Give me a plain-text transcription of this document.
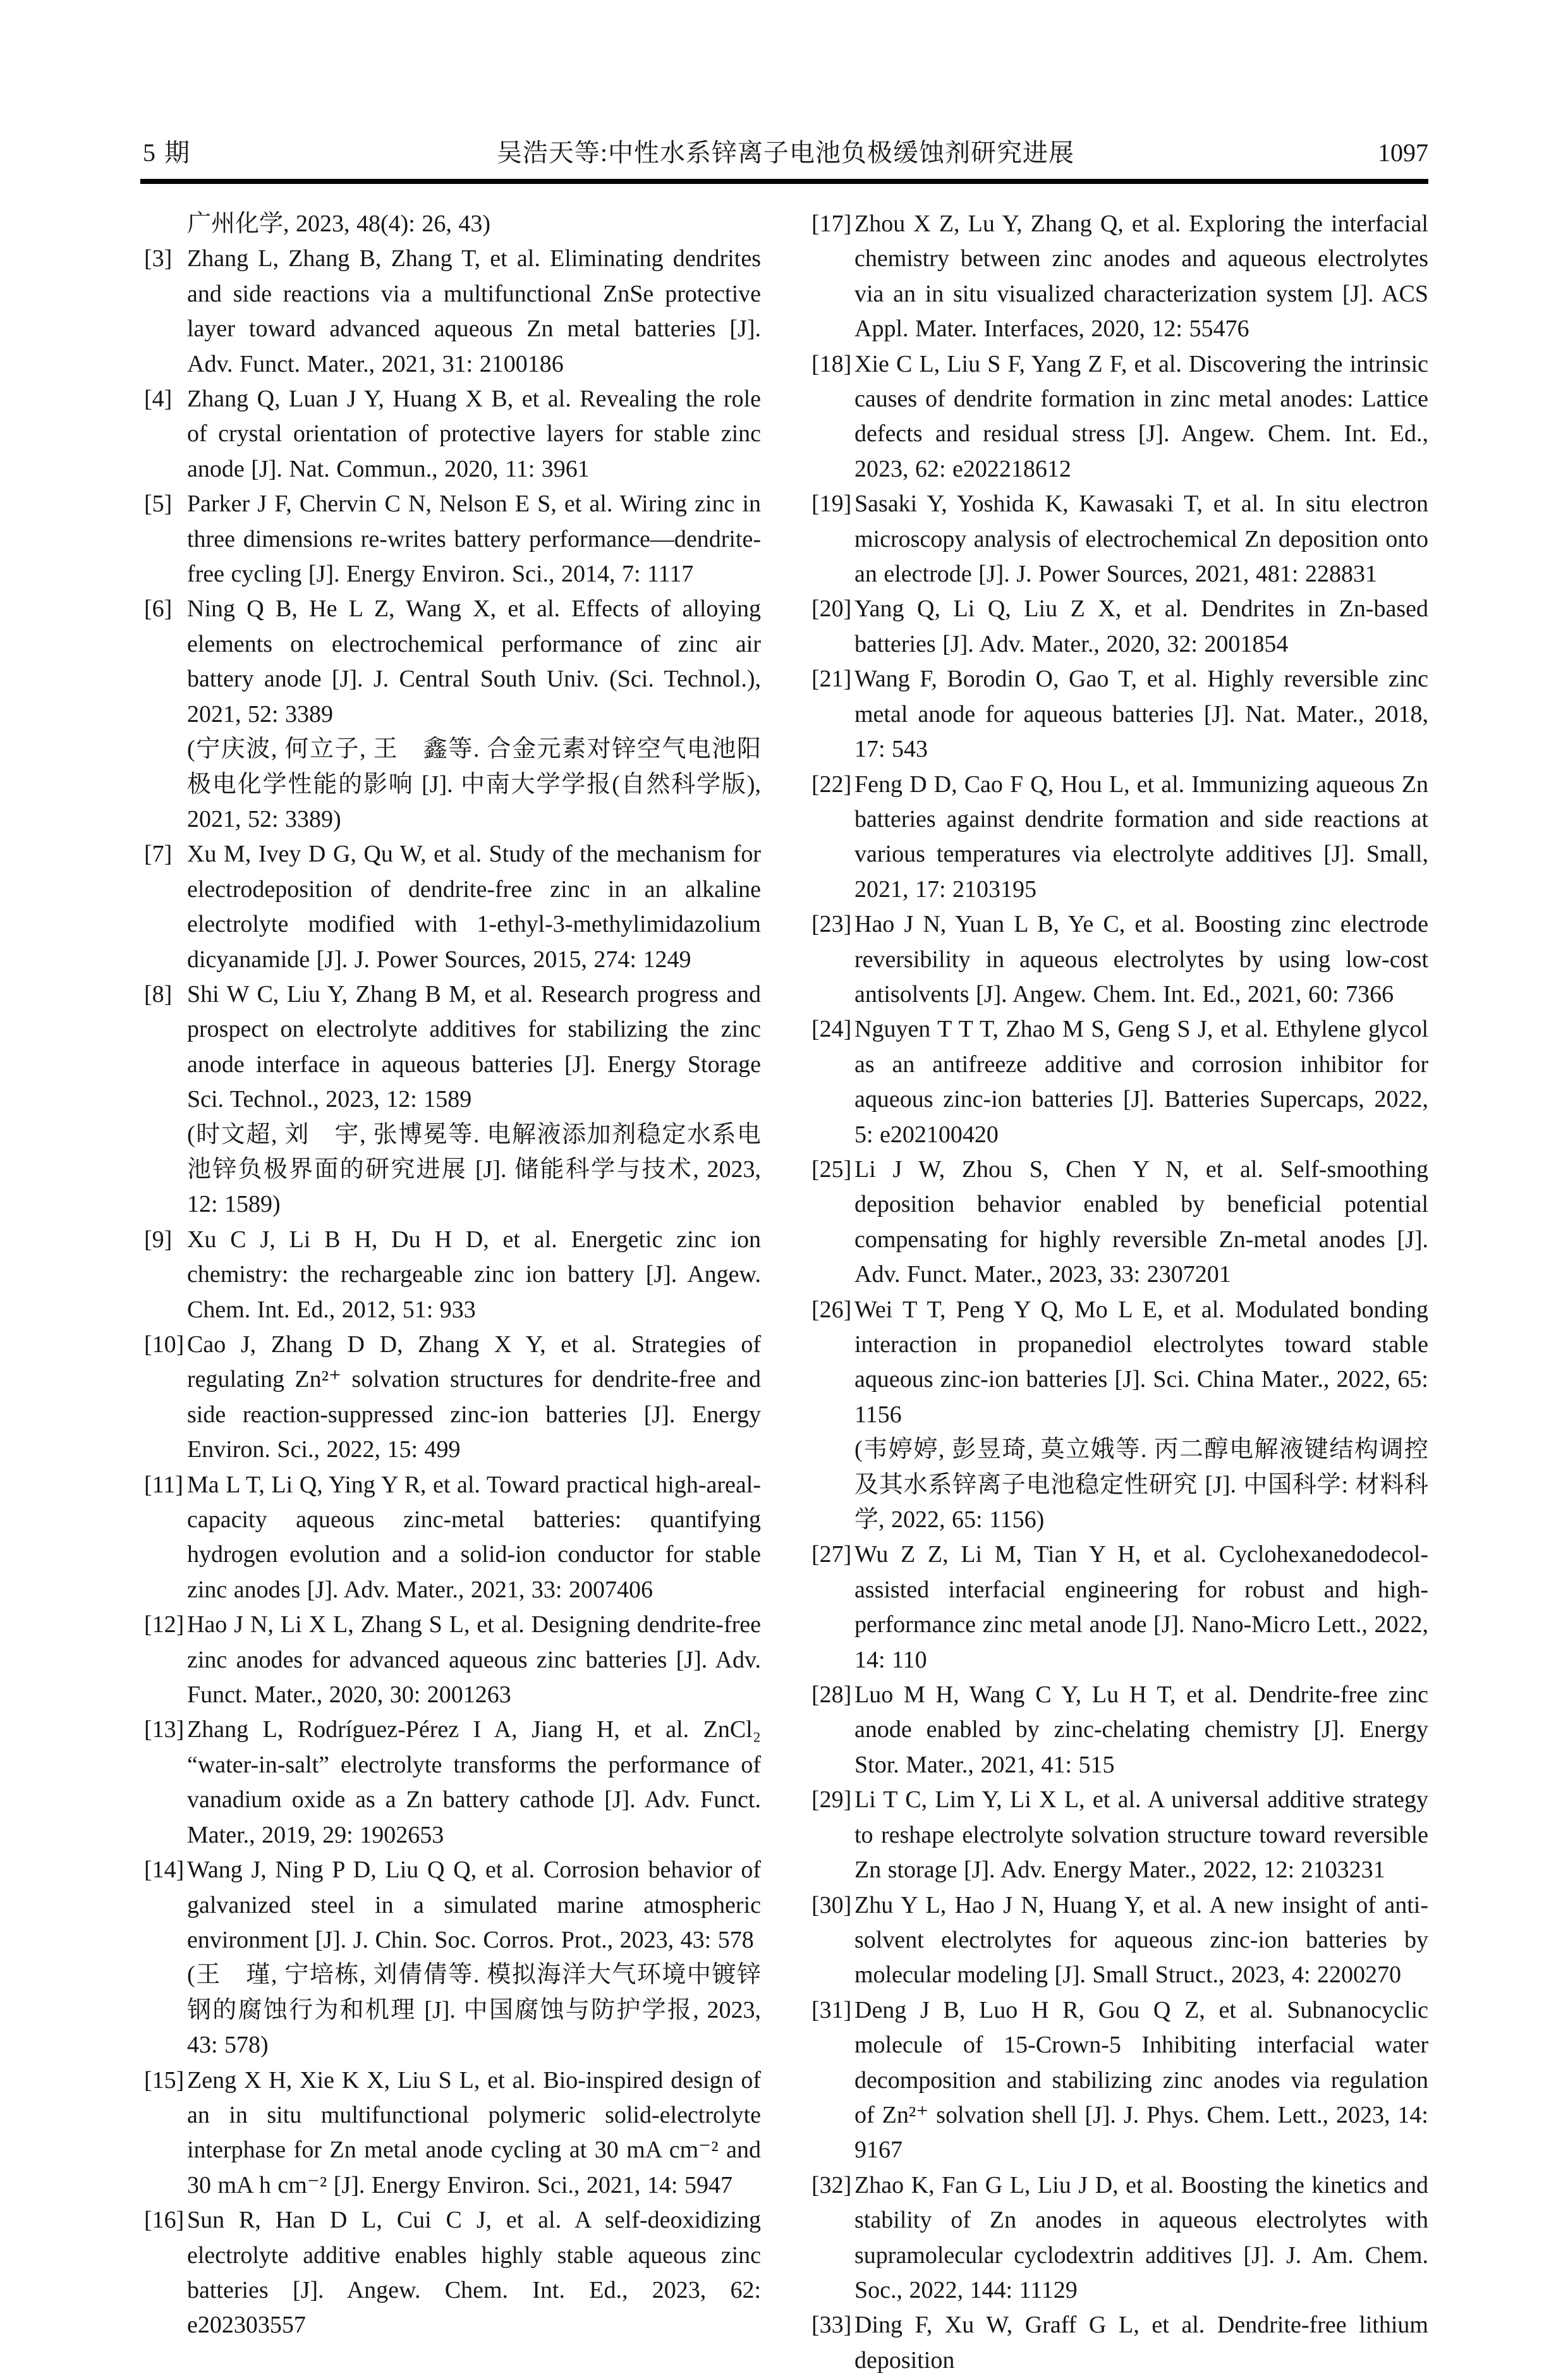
5 期	吴浩天等:中性水系锌离子电池负极缓蚀剂研究进展	1097
广州化学, 2023, 48(4): 26, 43)
[3] Zhang L, Zhang B, Zhang T, et al. Eliminating dendrites and side reactions via a multifunctional ZnSe protective layer toward advanced aqueous Zn metal batteries [J]. Adv. Funct. Mater., 2021, 31: 2100186
[4] Zhang Q, Luan J Y, Huang X B, et al. Revealing the role of crystal orientation of protective layers for stable zinc anode [J]. Nat. Commun., 2020, 11: 3961
[5] Parker J F, Chervin C N, Nelson E S, et al. Wiring zinc in three dimensions re-writes battery performance—dendrite-free cycling [J]. Energy Environ. Sci., 2014, 7: 1117
[6] Ning Q B, He L Z, Wang X, et al. Effects of alloying elements on electrochemical performance of zinc air battery anode [J]. J. Central South Univ. (Sci. Technol.), 2021, 52: 3389
(宁庆波, 何立子, 王　鑫等. 合金元素对锌空气电池阳极电化学性能的影响 [J]. 中南大学学报(自然科学版), 2021, 52: 3389)
[7] Xu M, Ivey D G, Qu W, et al. Study of the mechanism for electrodeposition of dendrite-free zinc in an alkaline electrolyte modified with 1-ethyl-3-methylimidazolium dicyanamide [J]. J. Power Sources, 2015, 274: 1249
[8] Shi W C, Liu Y, Zhang B M, et al. Research progress and prospect on electrolyte additives for stabilizing the zinc anode interface in aqueous batteries [J]. Energy Storage Sci. Technol., 2023, 12: 1589
(时文超, 刘　宇, 张博冕等. 电解液添加剂稳定水系电池锌负极界面的研究进展 [J]. 储能科学与技术, 2023, 12: 1589)
[9] Xu C J, Li B H, Du H D, et al. Energetic zinc ion chemistry: the rechargeable zinc ion battery [J]. Angew. Chem. Int. Ed., 2012, 51: 933
[10] Cao J, Zhang D D, Zhang X Y, et al. Strategies of regulating Zn²⁺ solvation structures for dendrite-free and side reaction-suppressed zinc-ion batteries [J]. Energy Environ. Sci., 2022, 15: 499
[11] Ma L T, Li Q, Ying Y R, et al. Toward practical high-areal-capacity aqueous zinc-metal batteries: quantifying hydrogen evolution and a solid-ion conductor for stable zinc anodes [J]. Adv. Mater., 2021, 33: 2007406
[12] Hao J N, Li X L, Zhang S L, et al. Designing dendrite-free zinc anodes for advanced aqueous zinc batteries [J]. Adv. Funct. Mater., 2020, 30: 2001263
[13] Zhang L, Rodríguez-Pérez I A, Jiang H, et al. ZnCl₂ “water-in-salt” electrolyte transforms the performance of vanadium oxide as a Zn battery cathode [J]. Adv. Funct. Mater., 2019, 29: 1902653
[14] Wang J, Ning P D, Liu Q Q, et al. Corrosion behavior of galvanized steel in a simulated marine atmospheric environment [J]. J. Chin. Soc. Corros. Prot., 2023, 43: 578
(王　瑾, 宁培栋, 刘倩倩等. 模拟海洋大气环境中镀锌钢的腐蚀行为和机理 [J]. 中国腐蚀与防护学报, 2023, 43: 578)
[15] Zeng X H, Xie K X, Liu S L, et al. Bio-inspired design of an in situ multifunctional polymeric solid-electrolyte interphase for Zn metal anode cycling at 30 mA cm⁻² and 30 mA h cm⁻² [J]. Energy Environ. Sci., 2021, 14: 5947
[16] Sun R, Han D L, Cui C J, et al. A self-deoxidizing electrolyte additive enables highly stable aqueous zinc batteries [J]. Angew. Chem. Int. Ed., 2023, 62: e202303557
[17] Zhou X Z, Lu Y, Zhang Q, et al. Exploring the interfacial chemistry between zinc anodes and aqueous electrolytes via an in situ visualized characterization system [J]. ACS Appl. Mater. Interfaces, 2020, 12: 55476
[18] Xie C L, Liu S F, Yang Z F, et al. Discovering the intrinsic causes of dendrite formation in zinc metal anodes: Lattice defects and residual stress [J]. Angew. Chem. Int. Ed., 2023, 62: e202218612
[19] Sasaki Y, Yoshida K, Kawasaki T, et al. In situ electron microscopy analysis of electrochemical Zn deposition onto an electrode [J]. J. Power Sources, 2021, 481: 228831
[20] Yang Q, Li Q, Liu Z X, et al. Dendrites in Zn-based batteries [J]. Adv. Mater., 2020, 32: 2001854
[21] Wang F, Borodin O, Gao T, et al. Highly reversible zinc metal anode for aqueous batteries [J]. Nat. Mater., 2018, 17: 543
[22] Feng D D, Cao F Q, Hou L, et al. Immunizing aqueous Zn batteries against dendrite formation and side reactions at various temperatures via electrolyte additives [J]. Small, 2021, 17: 2103195
[23] Hao J N, Yuan L B, Ye C, et al. Boosting zinc electrode reversibility in aqueous electrolytes by using low-cost antisolvents [J]. Angew. Chem. Int. Ed., 2021, 60: 7366
[24] Nguyen T T T, Zhao M S, Geng S J, et al. Ethylene glycol as an antifreeze additive and corrosion inhibitor for aqueous zinc-ion batteries [J]. Batteries Supercaps, 2022, 5: e202100420
[25] Li J W, Zhou S, Chen Y N, et al. Self-smoothing deposition behavior enabled by beneficial potential compensating for highly reversible Zn-metal anodes [J]. Adv. Funct. Mater., 2023, 33: 2307201
[26] Wei T T, Peng Y Q, Mo L E, et al. Modulated bonding interaction in propanediol electrolytes toward stable aqueous zinc-ion batteries [J]. Sci. China Mater., 2022, 65: 1156
(韦婷婷, 彭昱琦, 莫立娥等. 丙二醇电解液键结构调控及其水系锌离子电池稳定性研究 [J]. 中国科学: 材料科学, 2022, 65: 1156)
[27] Wu Z Z, Li M, Tian Y H, et al. Cyclohexanedodecol-assisted interfacial engineering for robust and high-performance zinc metal anode [J]. Nano-Micro Lett., 2022, 14: 110
[28] Luo M H, Wang C Y, Lu H T, et al. Dendrite-free zinc anode enabled by zinc-chelating chemistry [J]. Energy Stor. Mater., 2021, 41: 515
[29] Li T C, Lim Y, Li X L, et al. A universal additive strategy to reshape electrolyte solvation structure toward reversible Zn storage [J]. Adv. Energy Mater., 2022, 12: 2103231
[30] Zhu Y L, Hao J N, Huang Y, et al. A new insight of anti-solvent electrolytes for aqueous zinc-ion batteries by molecular modeling [J]. Small Struct., 2023, 4: 2200270
[31] Deng J B, Luo H R, Gou Q Z, et al. Subnanocyclic molecule of 15-Crown-5 Inhibiting interfacial water decomposition and stabilizing zinc anodes via regulation of Zn²⁺ solvation shell [J]. J. Phys. Chem. Lett., 2023, 14: 9167
[32] Zhao K, Fan G L, Liu J D, et al. Boosting the kinetics and stability of Zn anodes in aqueous electrolytes with supramolecular cyclodextrin additives [J]. J. Am. Chem. Soc., 2022, 144: 11129
[33] Ding F, Xu W, Graff G L, et al. Dendrite-free lithium deposition
